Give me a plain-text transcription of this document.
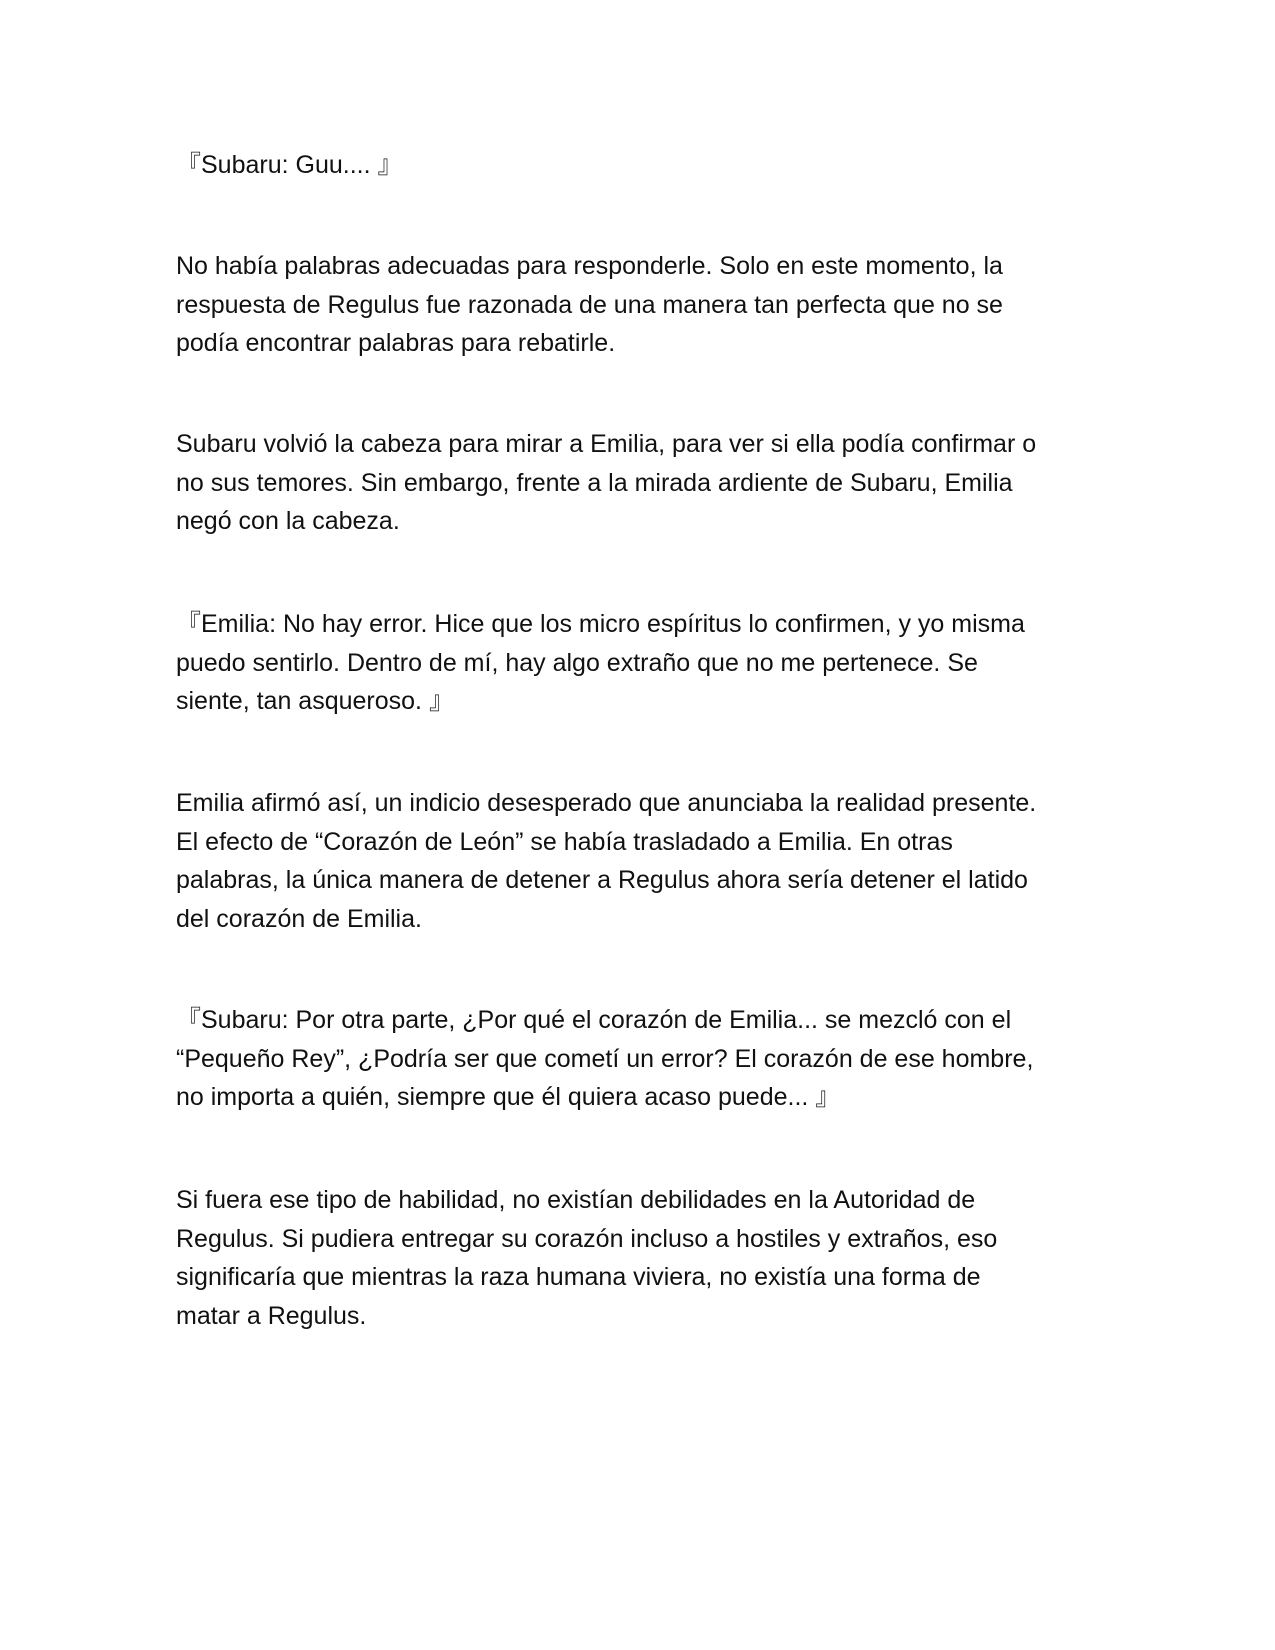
『Subaru: Guu.... 』

No había palabras adecuadas para responderle. Solo en este momento, la
respuesta de Regulus fue razonada de una manera tan perfecta que no se
podía encontrar palabras para rebatirle.

Subaru volvió la cabeza para mirar a Emilia, para ver si ella podía confirmar o
no sus temores. Sin embargo, frente a la mirada ardiente de Subaru, Emilia
negó con la cabeza.

『Emilia: No hay error. Hice que los micro espíritus lo confirmen, y yo misma
puedo sentirlo. Dentro de mí, hay algo extraño que no me pertenece. Se
siente, tan asqueroso. 』

Emilia afirmó así, un indicio desesperado que anunciaba la realidad presente.
El efecto de “Corazón de León” se había trasladado a Emilia. En otras
palabras, la única manera de detener a Regulus ahora sería detener el latido
del corazón de Emilia.

『Subaru: Por otra parte, ¿Por qué el corazón de Emilia... se mezcló con el
“Pequeño Rey”, ¿Podría ser que cometí un error? El corazón de ese hombre,
no importa a quién, siempre que él quiera acaso puede... 』

Si fuera ese tipo de habilidad, no existían debilidades en la Autoridad de
Regulus. Si pudiera entregar su corazón incluso a hostiles y extraños, eso
significaría que mientras la raza humana viviera, no existía una forma de
matar a Regulus.
